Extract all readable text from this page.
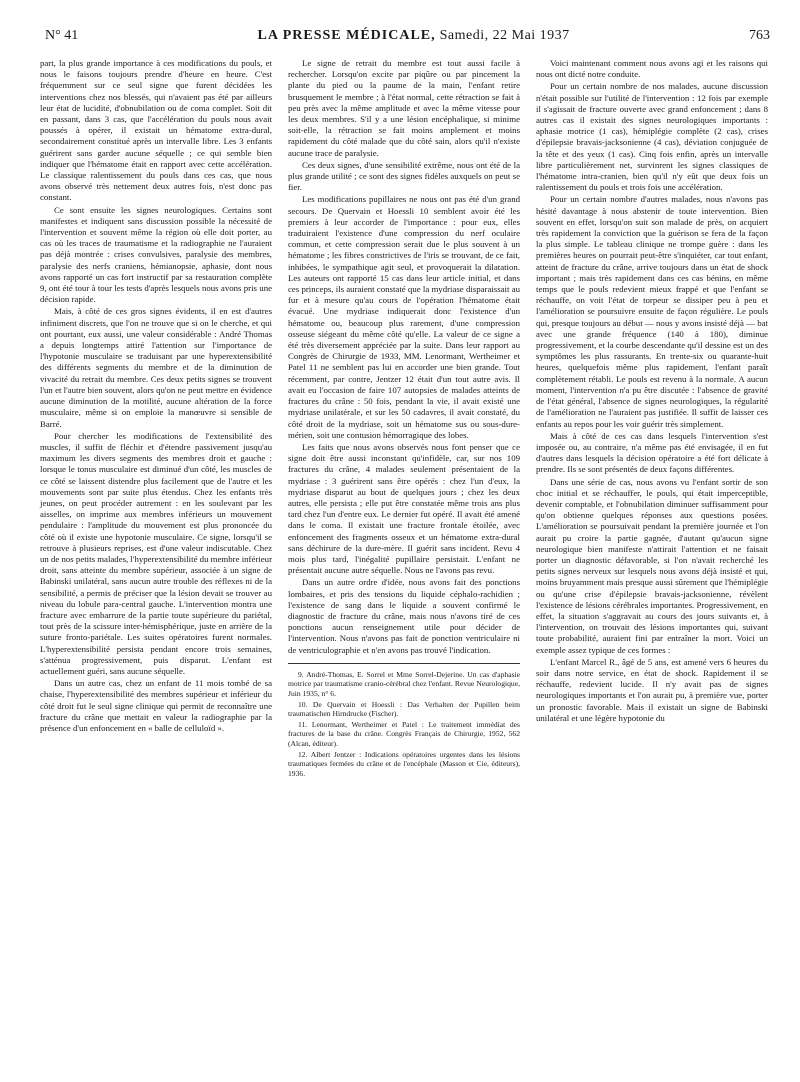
N° 41	LA PRESSE MÉDICALE, Samedi, 22 Mai 1937	763

part, la plus grande importance à ces modifications du pouls, et nous le faisons toujours prendre d'heure en heure. C'est fréquemment sur ce seul signe que furent décidées les interventions chez nos blessés, qui n'avaient pas été par ailleurs leur état de lucidité, d'obnubilation ou de coma complet. Soit dit en passant, dans 3 cas, que l'accélération du pouls nous avait poussés à opérer, il existait un hématome extra-dural, secondairement constitué après un intervalle libre. Les 3 enfants guérirent sans garder aucune séquelle ; ce qui semble bien indiquer que l'hématome était en rapport avec cette accélération. Le classique ralentissement du pouls dans ces cas, que nous avons observé très nettement deux autres fois, n'est donc pas constant.

Ce sont ensuite les signes neurologiques. Certains sont manifestes et indiquent sans discussion possible la nécessité de l'intervention et souvent même la région où elle doit porter, au cas où les traces de traumatisme et la radiographie ne l'auraient pas déjà montrée : crises convulsives, paralysie des membres, paralysie des nerfs craniens, hémianopsie, aphasie, dont nous avons rapporté un cas fort instructif par sa restauration complète 9, ont été tour à tour les tests d'après lesquels nous avons pris une décision rapide.

Mais, à côté de ces gros signes évidents, il en est d'autres infiniment discrets, que l'on ne trouve que si on le cherche, et qui ont pourtant, eux aussi, une valeur considérable : André Thomas a depuis longtemps attiré l'attention sur l'importance de l'hypotonie musculaire se traduisant par une hyperextensibilité des différents segments du membre et de la diminution de vivacité du retrait du membre. Ces deux petits signes se trouvent l'un et l'autre bien souvent, alors qu'on ne peut mettre en évidence aucune diminution de la motilité, aucune altération de la force musculaire, même si on emploie la manœuvre si sensible de Barré.

Pour chercher les modifications de l'extensibilité des muscles, il suffit de fléchir et d'étendre passivement jusqu'au maximum les divers segments des membres droit et gauche : lorsque le tonus musculaire est diminué d'un côté, les muscles de ce côté se laissent distendre plus facilement que de l'autre et les mouvements sont par suite plus étendus. Chez les enfants très jeunes, on peut procéder autrement : en les soulevant par les aisselles, on imprime aux membres inférieurs un mouvement pendulaire : l'amplitude du mouvement est plus prononcée du côté où il existe une hypotonie musculaire. Ce signe, lorsqu'il se retrouve à plusieurs reprises, est d'une valeur indiscutable. Chez un de nos petits malades, l'hyperextensibilité du membre inférieur droit, sans atteinte du membre supérieur, associée à un signe de Babinski unilatéral, sans aucun autre trouble des réflexes ni de la sensibilité, a permis de préciser que la lésion devait se trouver au niveau du lobule para-central gauche. L'intervention montra une fracture avec embarrure de la partie toute supérieure du pariétal, tout près de la scissure inter-hémisphérique, juste en arrière de la suture fronto-pariétale. Les suites opératoires furent normales. L'hyperextensibilité persista pendant encore trois semaines, s'atténua progressivement, puis disparut. L'enfant est actuellement guéri, sans aucune séquelle.

Dans un autre cas, chez un enfant de 11 mois tombé de sa chaise, l'hyperextensibilité des membres supérieur et inférieur du côté droit fut le seul signe clinique qui permit de reconnaître une fracture du crâne que mettait en valeur la radiographie par la présence d'un enfoncement en « balle de celluloïd ».

Le signe de retrait du membre est tout aussi facile à rechercher. Lorsqu'on excite par piqûre ou par pincement la plante du pied ou la paume de la main, l'enfant retire brusquement le membre ; à l'état normal, cette rétraction se fait à peu près avec la même amplitude et avec la même vitesse pour les deux membres. S'il y a une lésion encéphalique, si minime soit-elle, la rétraction se fait moins amplement et moins rapidement du côté malade que du côté sain, alors qu'il n'existe aucune trace de paralysie.

Ces deux signes, d'une sensibilité extrême, nous ont été de la plus grande utilité ; ce sont des signes fidèles auxquels on peut se fier.

Les modifications pupillaires ne nous ont pas été d'un grand secours. De Quervain et Hoessli 10 semblent avoir été les premiers à leur accorder de l'importance : pour eux, elles traduiraient l'existence d'une compression du nerf oculaire commun, et cette compression serait due le plus souvent à un hématome ; les fibres constrictives de l'iris se trouvant, de ce fait, inhibées, le sympathique agit seul, et provoquerait la dilatation. Les auteurs ont rapporté 15 cas dans leur article initial, et dans ces princeps, ils auraient constaté que la mydriase disparaissait au fur et à mesure qu'au cours de l'opération l'hématome était évacué. Une mydriase indiquerait donc l'existence d'un hématome ou, beaucoup plus rarement, d'une compression osseuse siégeant du même côté qu'elle. La valeur de ce signe a été très diversement appréciée par la suite. Dans leur rapport au Congrès de Chirurgie de 1933, MM. Lenormant, Wertheimer et Patel 11 ne semblent pas lui en accorder une bien grande. Tout récemment, par contre, Jentzer 12 était d'un tout autre avis. Il avait eu l'occasion de faire 107 autopsies de malades atteints de fractures du crâne : 50 fois, pendant la vie, il avait existé une mydriase unilatérale, et sur les 50 cadavres, il avait constaté, du côté droit de la mydriase, soit un hématome sus ou sous-dure-mérien, soit une contusion hémorragique des lobes.

Les faits que nous avons observés nous font penser que ce signe doit être aussi inconstant qu'infidèle, car, sur nos 109 fractures du crâne, 4 malades seulement présentaient de la mydriase : 3 guérirent sans être opérés : chez l'un d'eux, la mydriase disparut au bout de quelques jours ; chez les deux autres, elle persista ; elle put être constatée même trois ans plus tard chez l'un d'entre eux. Le dernier fut opéré. Il avait été amené dans le coma. Il existait une fracture frontale étoilée, avec enfoncement des fragments osseux et un hématome extra-dural sans déchirure de la dure-mère. Il guérit sans incident. Revu 4 mois plus tard, l'inégalité pupillaire persistait. L'enfant ne présentait aucune autre séquelle. Nous ne l'avons pas revu.

Dans un autre ordre d'idée, nous avons fait des ponctions lombaires, et pris des tensions du liquide céphalo-rachidien ; l'existence de sang dans le liquide a souvent confirmé le diagnostic de fracture du crâne, mais nous n'avons tiré de ces ponctions aucun renseignement utile pour décider de l'intervention. Nous n'avons pas fait de ponction ventriculaire ni de ventriculographie et n'en avons pas trouvé l'indication.

9. André-Thomas, E. Sorrel et Mme Sorrel-Dejerine. Un cas d'aphasie motrice par traumatisme cranio-cérébral chez l'enfant. Revue Neurologique, Juin 1935, n° 6.

10. De Quervain et Hoessli : Das Verhalten der Pupillen beim traumatischen Hirndrucke (Fischer).

11. Lenormant, Wertheimer et Patel : Le traitement immédiat des fractures de la base du crâne. Congrès Français de Chirurgie, 1952, 562 (Alcan, éditeur).

12. Albert Jentzer : Indications opératoires urgentes dans les lésions traumatiques fermées du crâne et de l'encéphale (Masson et Cie, éditeurs), 1936.

Voici maintenant comment nous avons agi et les raisons qui nous ont dicté notre conduite.

Pour un certain nombre de nos malades, aucune discussion n'était possible sur l'utilité de l'intervention : 12 fois par exemple il s'agissait de fracture ouverte avec grand enfoncement ; dans 8 autres cas il existait des signes neurologiques importants : aphasie motrice (1 cas), hémiplégie complète (2 cas), crises d'épilepsie bravais-jacksonienne (4 cas), déviation conjuguée de la tête et des yeux (1 cas). Cinq fois enfin, après un intervalle libre particulièrement net, survinrent les signes classiques de l'hématome intra-cranien, bien qu'il n'y eût que deux fois un ralentissement du pouls et trois fois une accélération.

Pour un certain nombre d'autres malades, nous n'avons pas hésité davantage à nous abstenir de toute intervention. Bien souvent en effet, lorsqu'on suit son malade de près, on acquiert très rapidement la conviction que la guérison se fera de la façon la plus simple. Le tableau clinique ne trompe guère : dans les premières heures on pourrait peut-être s'inquiéter, car tout enfant, atteint de fracture du crâne, arrive toujours dans un état de shock important ; mais très rapidement dans ces cas bénins, en même temps que le pouls redevient mieux frappé et que l'enfant se réchauffe, on voit l'état de torpeur se dissiper peu à peu et l'amélioration se poursuivre ensuite de façon régulière. Le pouls qui, presque toujours au début — nous y avons insisté déjà — bat avec une grande fréquence (140 à 180), diminue progressivement, et la courbe descendante qu'il dessine est un des symptômes les plus rassurants. En trente-six ou quarante-huit heures, quelquefois même plus rapidement, l'enfant paraît complètement rétabli. Le pouls est revenu à la normale. A aucun moment, l'intervention n'a pu être discutée : l'absence de gravité de l'état général, l'absence de signes neurologiques, la régularité de l'amélioration ne l'auraient pas justifiée. Il suffit de laisser ces enfants au repos pour les voir guérir très simplement.

Mais à côté de ces cas dans lesquels l'intervention s'est imposée ou, au contraire, n'a même pas été envisagée, il en fut d'autres dans lesquels la décision opératoire a été fort délicate à prendre. Ils se sont présentés de deux façons différentes.

Dans une série de cas, nous avons vu l'enfant sortir de son choc initial et se réchauffer, le pouls, qui était imperceptible, devenir comptable, et l'obnubilation diminuer suffisamment pour qu'on obtienne quelques réponses aux questions posées. L'amélioration se poursuivait pendant la première journée et l'on aurait pu croire la partie gagnée, d'autant qu'aucun signe neurologique bien manifeste n'attirait l'attention et ne faisait porter un diagnostic défavorable, si l'on n'avait recherché les petits signes nerveux sur lesquels nous avons déjà insisté et qui, moins bruyamment mais presque aussi sûrement que l'hémiplégie ou qu'une crise d'épilepsie bravais-jacksonienne, révèlent l'existence de lésions cérébrales importantes. Progressivement, en effet, la situation s'aggravait au cours des jours suivants et, à l'intervention, on trouvait des lésions importantes qui, suivant toute probabilité, auraient fini par entraîner la mort. Voici un exemple assez typique de ces formes :

L'enfant Marcel R., âgé de 5 ans, est amené vers 6 heures du soir dans notre service, en état de shock. Rapidement il se réchauffe, redevient lucide. Il n'y avait pas de signes neurologiques importants et l'on aurait pu, à première vue, porter un pronostic favorable. Mais il existait un signe de Babinski unilatéral et une légère hypotonie du
